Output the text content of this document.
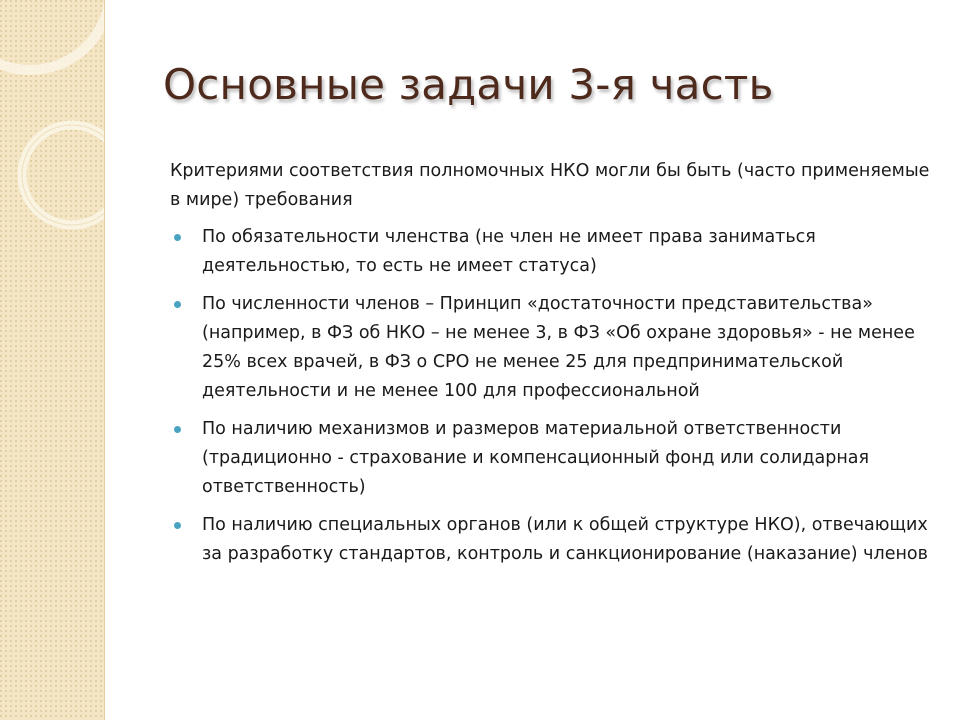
Основные задачи 3-я часть

Критериями соответствия полномочных НКО могли бы быть (часто применяемые в мире) требования

По обязательности членства (не член не имеет права заниматься деятельностью, то есть не имеет статуса)
По численности членов – Принцип «достаточности представительства» (например, в ФЗ об НКО – не менее 3, в ФЗ «Об охране здоровья» - не менее 25% всех врачей, в ФЗ о СРО не менее 25 для предпринимательской деятельности и не менее 100 для профессиональной
По наличию механизмов и размеров материальной ответственности (традиционно - страхование и компенсационный фонд или солидарная ответственность)
По наличию специальных органов (или к общей структуре НКО), отвечающих за разработку стандартов, контроль и санкционирование (наказание) членов
